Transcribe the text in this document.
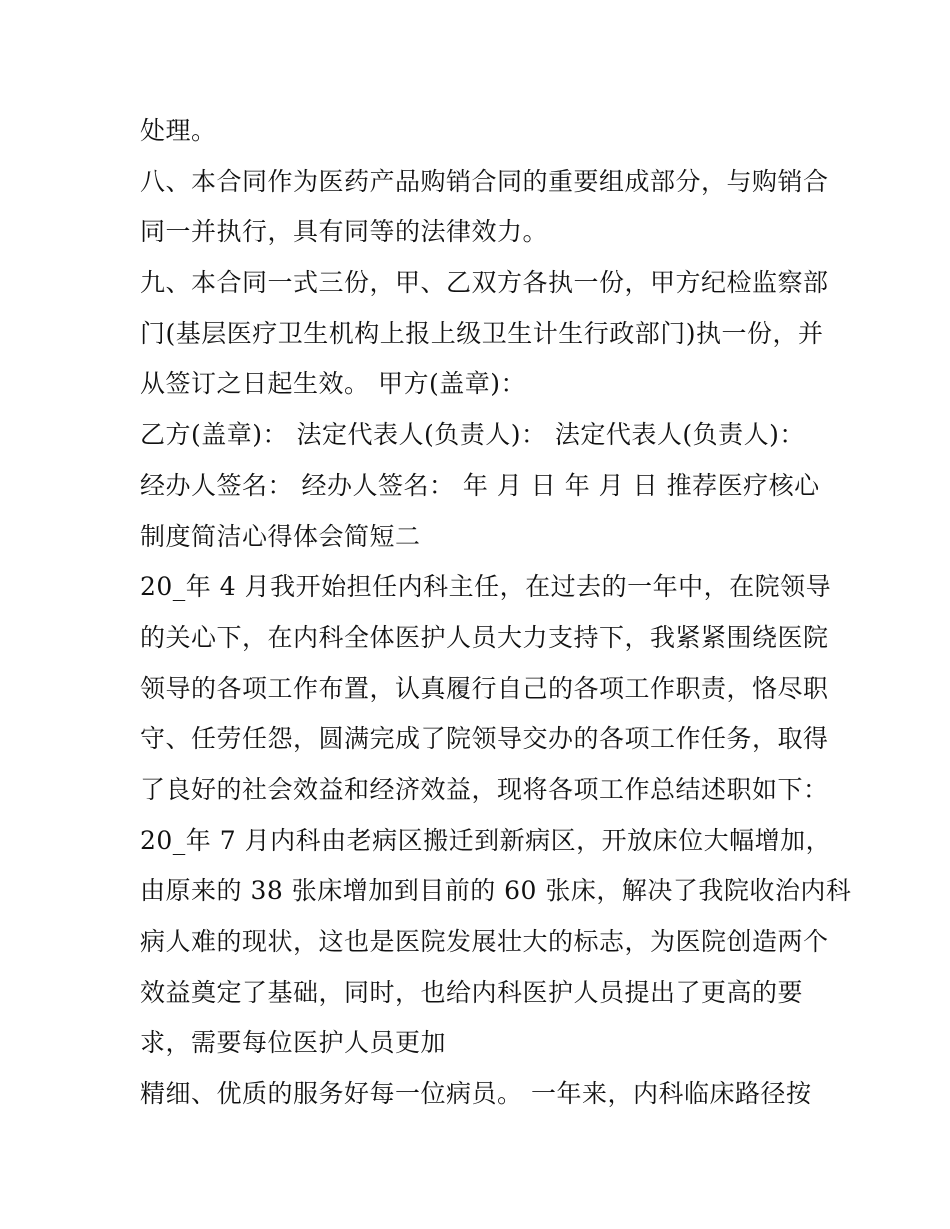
处理。
八、本合同作为医药产品购销合同的重要组成部分，与购销合
同一并执行，具有同等的法律效力。
九、本合同一式三份，甲、乙双方各执一份，甲方纪检监察部
门(基层医疗卫生机构上报上级卫生计生行政部门)执一份，并
从签订之日起生效。 甲方(盖章)：
乙方(盖章)： 法定代表人(负责人)： 法定代表人(负责人)：
经办人签名： 经办人签名： 年 月 日 年 月 日 推荐医疗核心
制度简洁心得体会简短二
20_年 4 月我开始担任内科主任，在过去的一年中，在院领导
的关心下，在内科全体医护人员大力支持下，我紧紧围绕医院
领导的各项工作布置，认真履行自己的各项工作职责，恪尽职
守、任劳任怨，圆满完成了院领导交办的各项工作任务，取得
了良好的社会效益和经济效益，现将各项工作总结述职如下：
20_年 7 月内科由老病区搬迁到新病区，开放床位大幅增加，
由原来的 38 张床增加到目前的 60 张床，解决了我院收治内科
病人难的现状，这也是医院发展壮大的标志，为医院创造两个
效益奠定了基础，同时，也给内科医护人员提出了更高的要
求，需要每位医护人员更加
精细、优质的服务好每一位病员。 一年来，内科临床路径按
